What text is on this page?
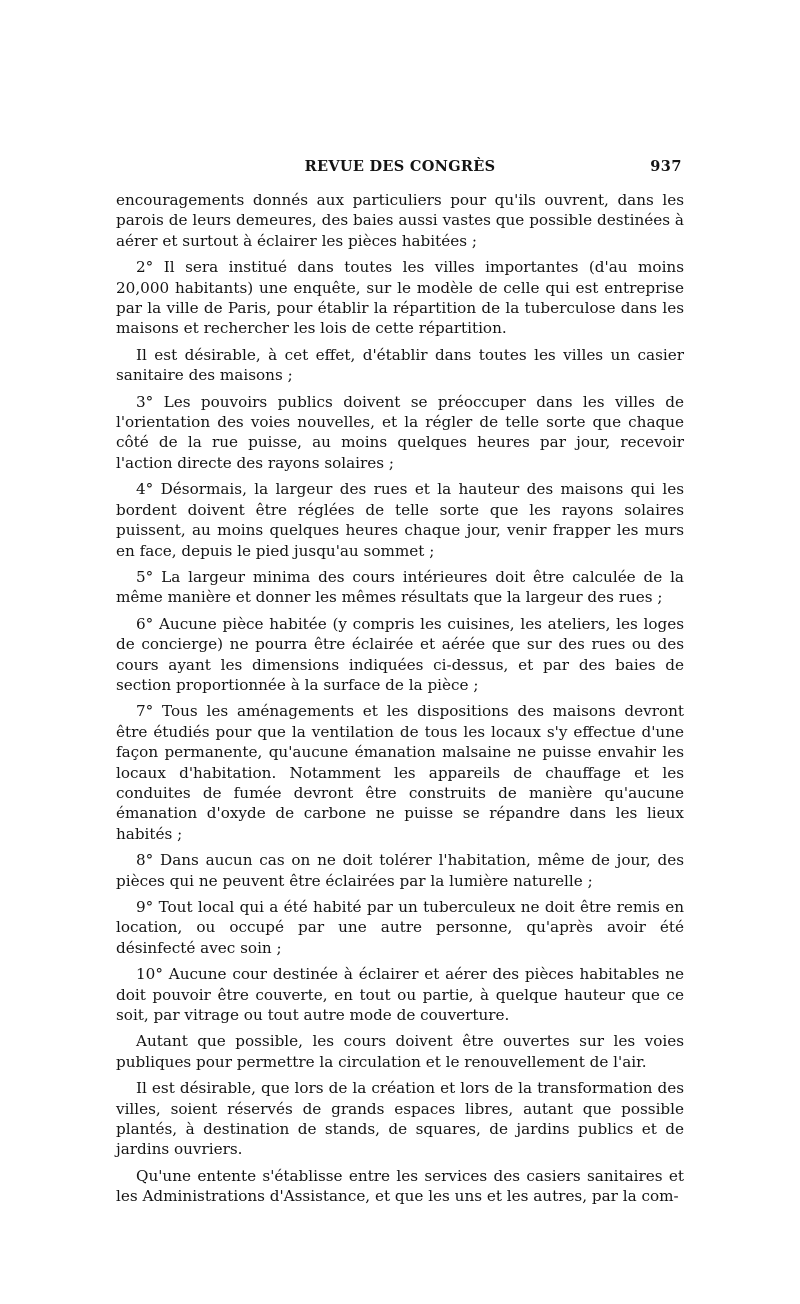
REVUE DES CONGRÈS	937

encouragements donnés aux particuliers pour qu'ils ouvrent, dans les parois de leurs demeures, des baies aussi vastes que possible destinées à aérer et surtout à éclairer les pièces habitées ;

2° Il sera institué dans toutes les villes importantes (d'au moins 20,000 habitants) une enquête, sur le modèle de celle qui est entreprise par la ville de Paris, pour établir la répartition de la tuberculose dans les maisons et rechercher les lois de cette répartition.

Il est désirable, à cet effet, d'établir dans toutes les villes un casier sanitaire des maisons ;

3° Les pouvoirs publics doivent se préoccuper dans les villes de l'orientation des voies nouvelles, et la régler de telle sorte que chaque côté de la rue puisse, au moins quelques heures par jour, recevoir l'action directe des rayons solaires ;

4° Désormais, la largeur des rues et la hauteur des maisons qui les bordent doivent être réglées de telle sorte que les rayons solaires puissent, au moins quelques heures chaque jour, venir frapper les murs en face, depuis le pied jusqu'au sommet ;

5° La largeur minima des cours intérieures doit être calculée de la même manière et donner les mêmes résultats que la largeur des rues ;

6° Aucune pièce habitée (y compris les cuisines, les ateliers, les loges de concierge) ne pourra être éclairée et aérée que sur des rues ou des cours ayant les dimensions indiquées ci-dessus, et par des baies de section proportionnée à la surface de la pièce ;

7° Tous les aménagements et les dispositions des maisons devront être étudiés pour que la ventilation de tous les locaux s'y effectue d'une façon permanente, qu'aucune émanation malsaine ne puisse envahir les locaux d'habitation. Notamment les appareils de chauffage et les conduites de fumée devront être construits de manière qu'aucune émanation d'oxyde de carbone ne puisse se répandre dans les lieux habités ;

8° Dans aucun cas on ne doit tolérer l'habitation, même de jour, des pièces qui ne peuvent être éclairées par la lumière naturelle ;

9° Tout local qui a été habité par un tuberculeux ne doit être remis en location, ou occupé par une autre personne, qu'après avoir été désinfecté avec soin ;

10° Aucune cour destinée à éclairer et aérer des pièces habitables ne doit pouvoir être couverte, en tout ou partie, à quelque hauteur que ce soit, par vitrage ou tout autre mode de couverture.

Autant que possible, les cours doivent être ouvertes sur les voies publiques pour permettre la circulation et le renouvellement de l'air.

Il est désirable, que lors de la création et lors de la transformation des villes, soient réservés de grands espaces libres, autant que possible plantés, à destination de stands, de squares, de jardins publics et de jardins ouvriers.

Qu'une entente s'établisse entre les services des casiers sanitaires et les Administrations d'Assistance, et que les uns et les autres, par la com-
